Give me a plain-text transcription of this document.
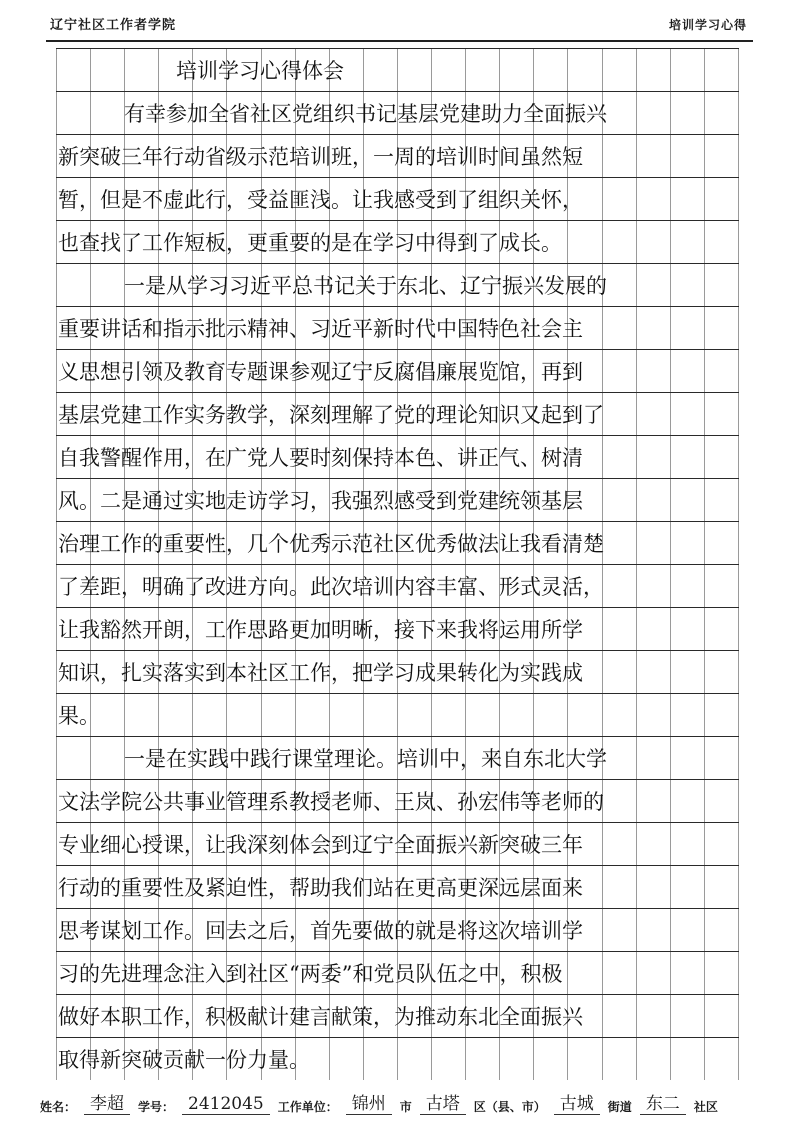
辽宁社区工作者学院	培训学习心得
培训学习心得体会
有幸参加全省社区党组织书记基层党建助力全面振兴
新突破三年行动省级示范培训班，一周的培训时间虽然短
暂，但是不虚此行，受益匪浅。让我感受到了组织关怀，
也查找了工作短板，更重要的是在学习中得到了成长。
一是从学习习近平总书记关于东北、辽宁振兴发展的
重要讲话和指示批示精神、习近平新时代中国特色社会主
义思想引领及教育专题课参观辽宁反腐倡廉展览馆，再到
基层党建工作实务教学，深刻理解了党的理论知识又起到了
自我警醒作用，在广党人要时刻保持本色、讲正气、树清
风。二是通过实地走访学习，我强烈感受到党建统领基层
治理工作的重要性，几个优秀示范社区优秀做法让我看清楚
了差距，明确了改进方向。此次培训内容丰富、形式灵活，
让我豁然开朗，工作思路更加明晰，接下来我将运用所学
知识，扎实落实到本社区工作，把学习成果转化为实践成
果。
一是在实践中践行课堂理论。培训中，来自东北大学
文法学院公共事业管理系教授老师、王岚、孙宏伟等老师的
专业细心授课，让我深刻体会到辽宁全面振兴新突破三年
行动的重要性及紧迫性，帮助我们站在更高更深远层面来
思考谋划工作。回去之后，首先要做的就是将这次培训学
习的先进理念注入到社区“两委”和党员队伍之中，积极
做好本职工作，积极献计建言献策，为推动东北全面振兴
取得新突破贡献一份力量。
姓名： 李超	学号： 2412045	工作单位： 锦州	市 古塔	区（县、市） 古城	街道 东二	社区
